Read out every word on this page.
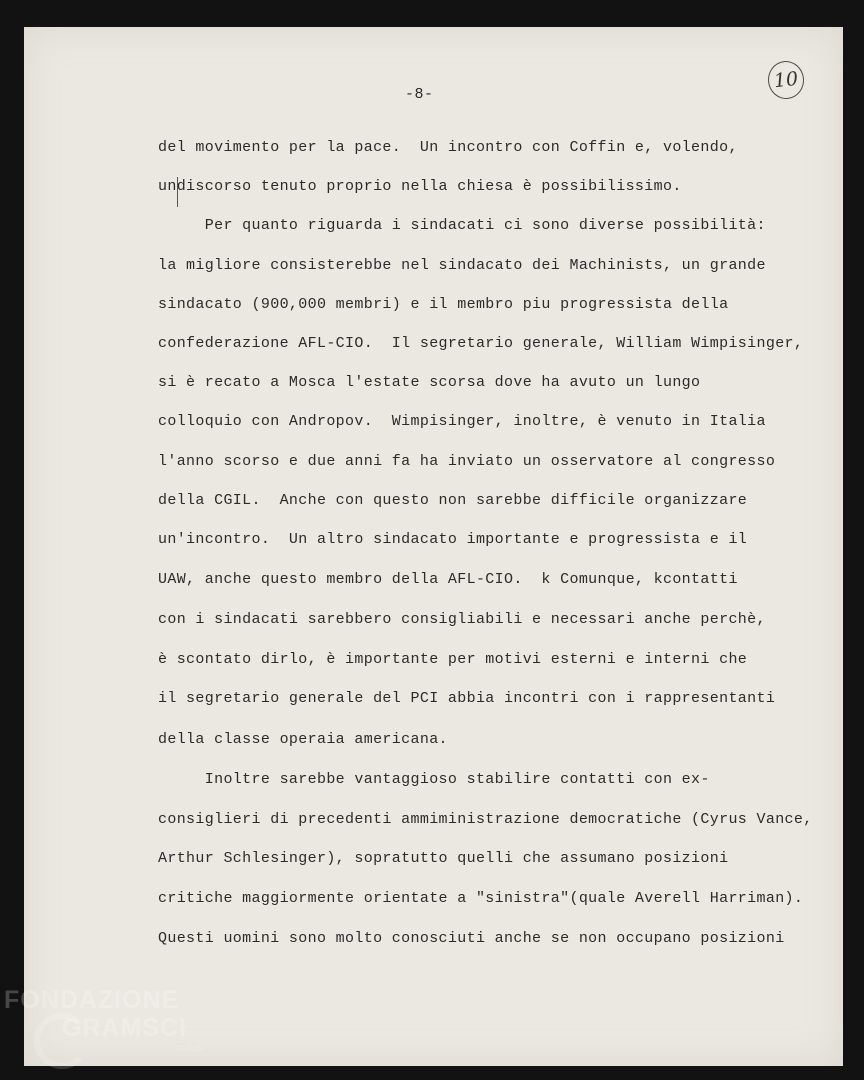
-8-
10
del movimento per la pace.  Un incontro con Coffin e, volendo,
undiscorso tenuto proprio nella chiesa è possibilissimo.
Per quanto riguarda i sindacati ci sono diverse possibilità:
la migliore consisterebbe nel sindacato dei Machinists, un grande
sindacato (900,000 membri) e il membro piu progressista della
confederazione AFL-CIO.  Il segretario generale, William Wimpisinger,
si è recato a Mosca l'estate scorsa dove ha avuto un lungo
colloquio con Andropov.  Wimpisinger, inoltre, è venuto in Italia
l'anno scorso e due anni fa ha inviato un osservatore al congresso
della CGIL.  Anche con questo non sarebbe difficile organizzare
un'incontro.  Un altro sindacato importante e progressista e il
UAW, anche questo membro della AFL-CIO.  k Comunque, kcontatti
con i sindacati sarebbero consigliabili e necessari anche perchè,
è scontato dirlo, è importante per motivi esterni e interni che
il segretario generale del PCI abbia incontri con i rappresentanti
della classe operaia americana.
Inoltre sarebbe vantaggioso stabilire contatti con ex-
consiglieri di precedenti ammiministrazione democratiche (Cyrus Vance,
Arthur Schlesinger), sopratutto quelli che assumano posizioni
critiche maggiormente orientate a "sinistra"(quale Averell Harriman).
Questi uomini sono molto conosciuti anche se non occupano posizioni
FONDAZIONE
GRAMSCI
onlus
